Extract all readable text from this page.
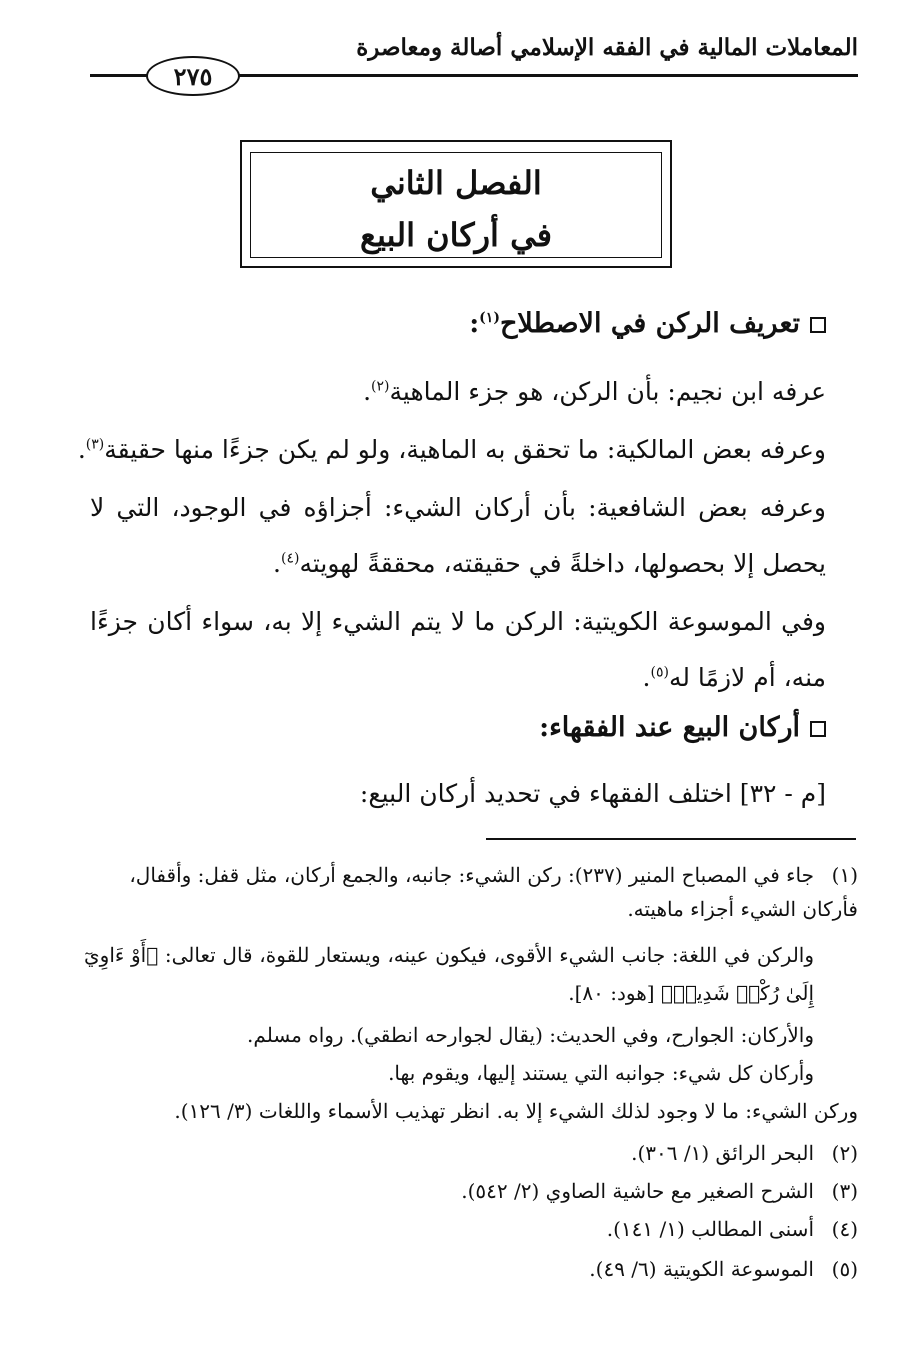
المعاملات المالية في الفقه الإسلامي أصالة ومعاصرة
٢٧٥
الفصل الثاني
في أركان البيع
تعريف الركن في الاصطلاح$^{(١)}$:
عرفه ابن نجيم: بأن الركن، هو جزء الماهية$^{(٢)}$.
وعرفه بعض المالكية: ما تحقق به الماهية، ولو لم يكن جزءًا منها حقيقة$^{(٣)}$.
وعرفه بعض الشافعية: بأن أركان الشيء: أجزاؤه في الوجود، التي لا يحصل إلا بحصولها، داخلةً في حقيقته، محققةً لهويته$^{(٤)}$.
وفي الموسوعة الكويتية: الركن ما لا يتم الشيء إلا به، سواء أكان جزءًا منه، أم لازمًا له$^{(٥)}$.
أركان البيع عند الفقهاء:
[م - ٣٢] اختلف الفقهاء في تحديد أركان البيع:
(١)جاء في المصباح المنير (٢٣٧): ركن الشيء: جانبه، والجمع أركان، مثل قفل: وأقفال، فأركان الشيء أجزاء ماهيته.
والركن في اللغة: جانب الشيء الأقوى، فيكون عينه، ويستعار للقوة، قال تعالى: ﴿أَوْ ءَاوِيٓ إِلَىٰ رُكْنٖ شَدِيدٖ﴾ [هود: ٨٠].
والأركان: الجوارح، وفي الحديث: (يقال لجوارحه انطقي). رواه مسلم.
وأركان كل شيء: جوانبه التي يستند إليها، ويقوم بها.
وركن الشيء: ما لا وجود لذلك الشيء إلا به. انظر تهذيب الأسماء واللغات (٣/ ١٢٦).
(٢)البحر الرائق (١/ ٣٠٦).
(٣)الشرح الصغير مع حاشية الصاوي (٢/ ٥٤٢).
(٤)أسنى المطالب (١/ ١٤١).
(٥)الموسوعة الكويتية (٦/ ٤٩).
